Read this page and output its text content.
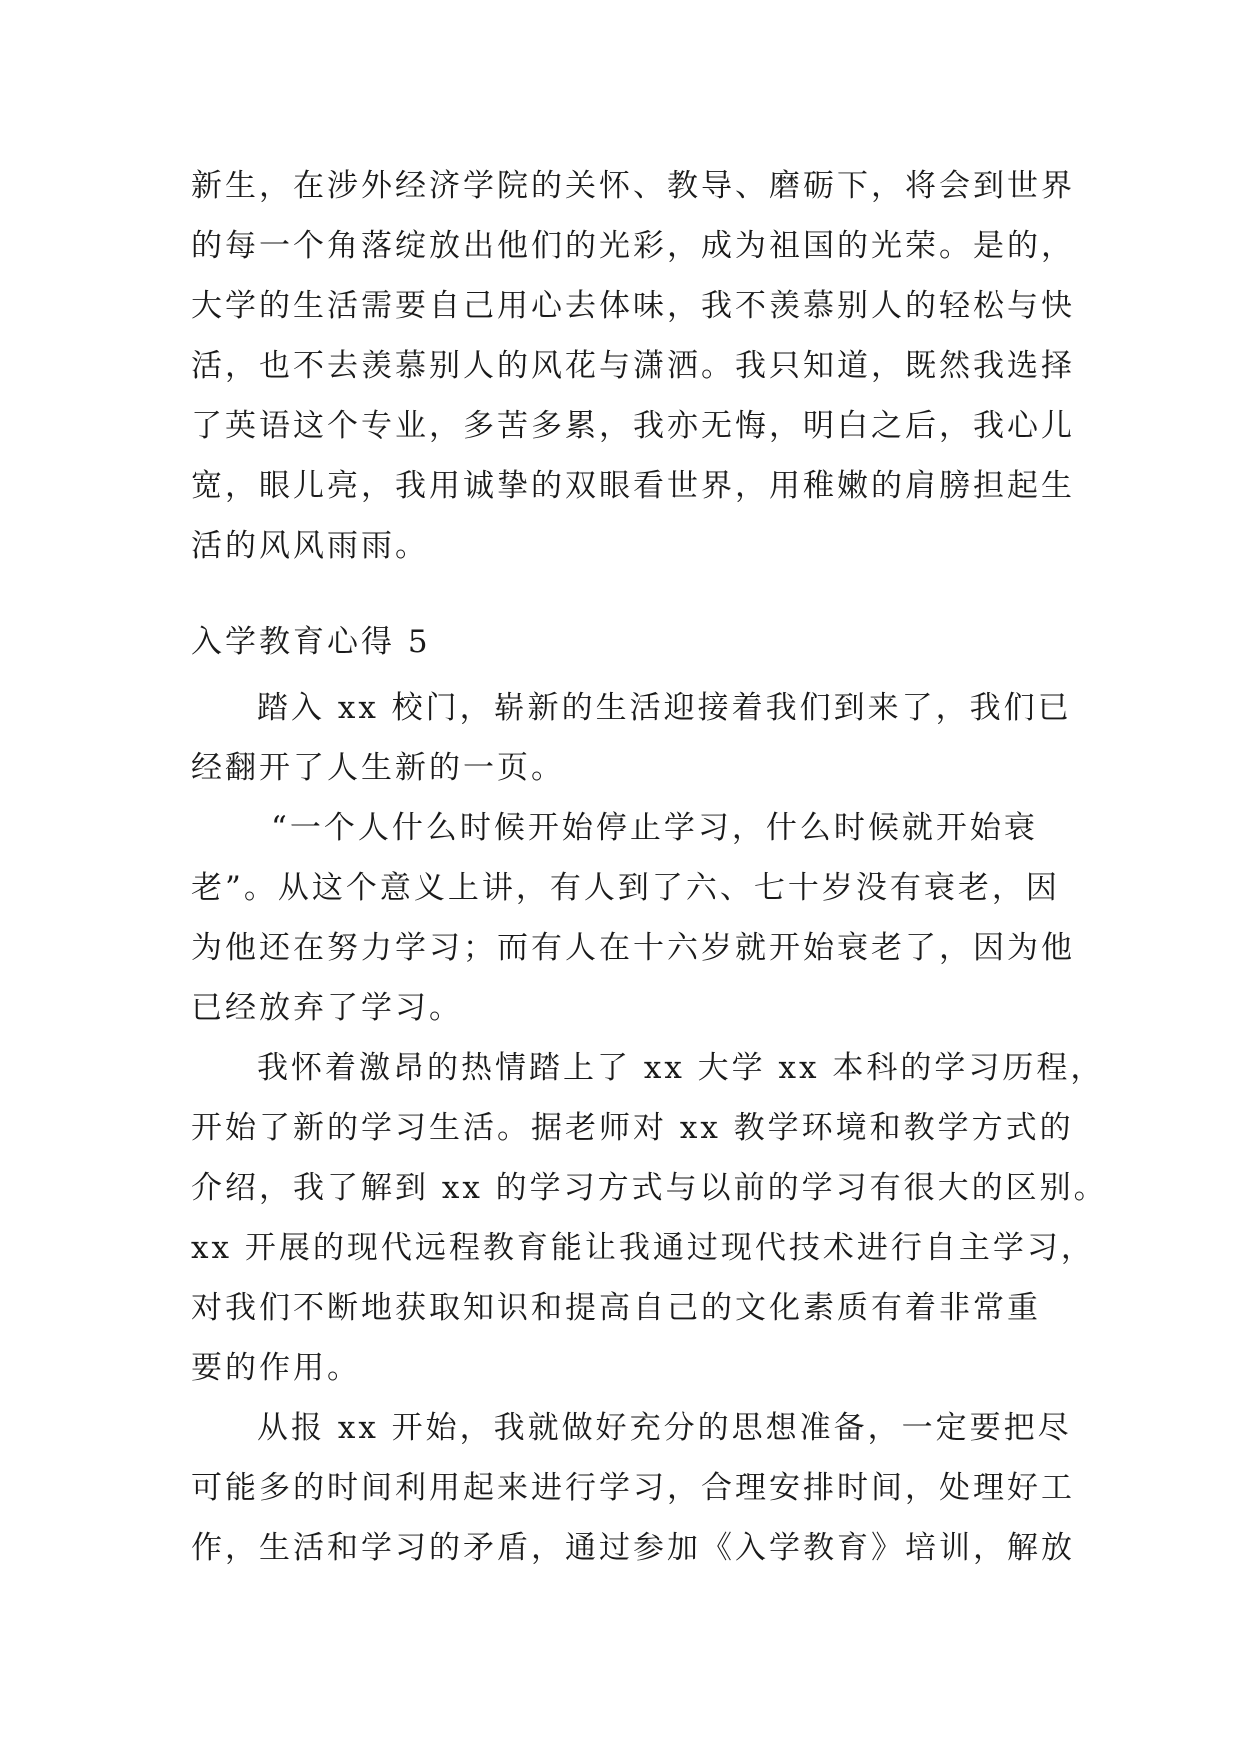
新生，在涉外经济学院的关怀、教导、磨砺下，将会到世界
的每一个角落绽放出他们的光彩，成为祖国的光荣。是的，
大学的生活需要自己用心去体味，我不羡慕别人的轻松与快
活，也不去羡慕别人的风花与潇洒。我只知道，既然我选择
了英语这个专业，多苦多累，我亦无悔，明白之后，我心儿
宽，眼儿亮，我用诚挚的双眼看世界，用稚嫩的肩膀担起生
活的风风雨雨。
入学教育心得 5
踏入 xx 校门，崭新的生活迎接着我们到来了，我们已
经翻开了人生新的一页。
“一个人什么时候开始停止学习，什么时候就开始衰
老”。从这个意义上讲，有人到了六、七十岁没有衰老，因
为他还在努力学习；而有人在十六岁就开始衰老了，因为他
已经放弃了学习。
我怀着激昂的热情踏上了 xx 大学 xx 本科的学习历程，
开始了新的学习生活。据老师对 xx 教学环境和教学方式的
介绍，我了解到 xx 的学习方式与以前的学习有很大的区别。
xx 开展的现代远程教育能让我通过现代技术进行自主学习，
对我们不断地获取知识和提高自己的文化素质有着非常重
要的作用。
从报 xx 开始，我就做好充分的思想准备，一定要把尽
可能多的时间利用起来进行学习，合理安排时间，处理好工
作，生活和学习的矛盾，通过参加《入学教育》培训，解放
